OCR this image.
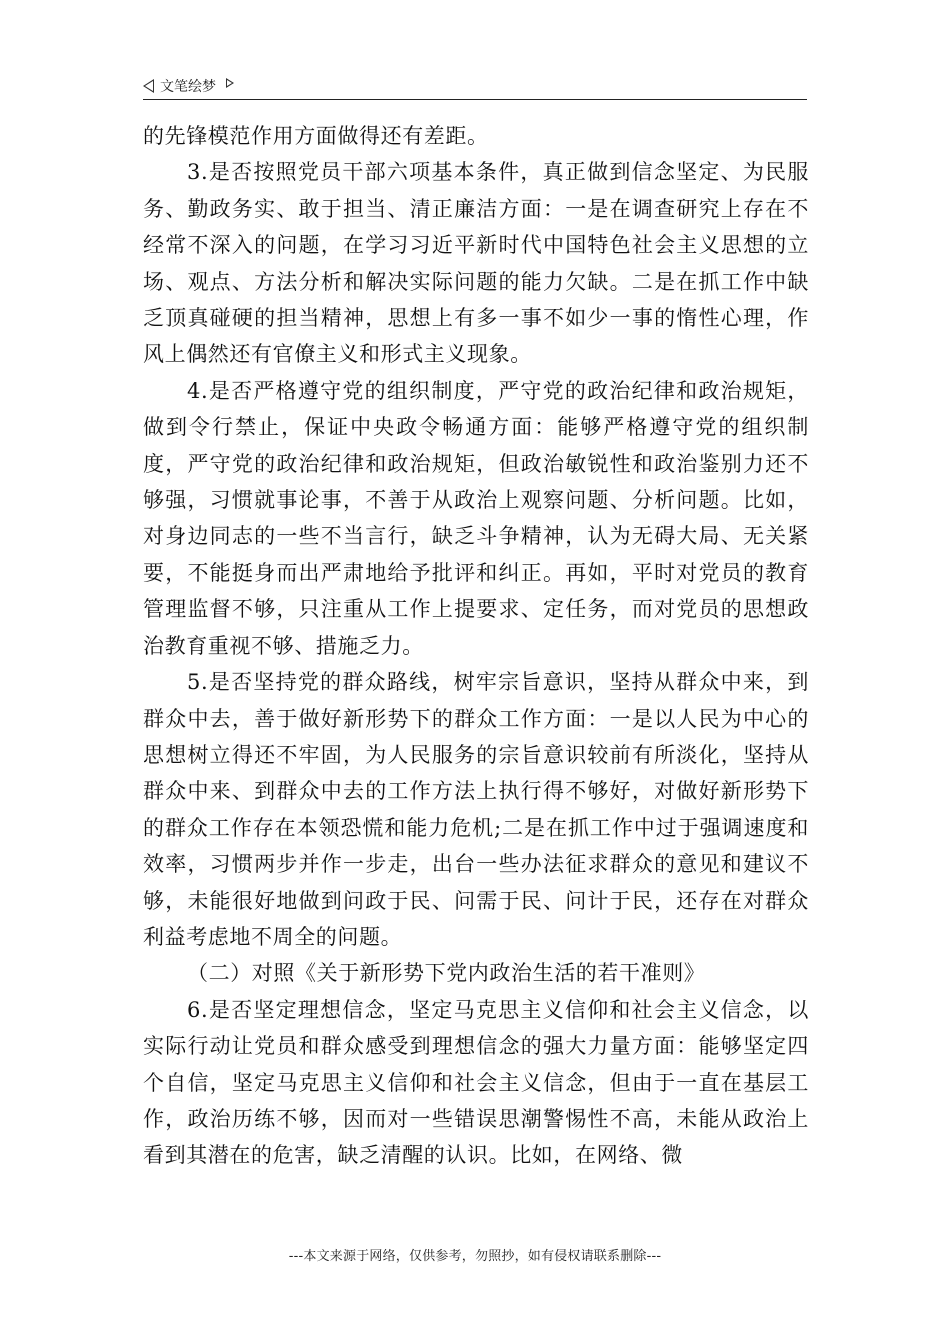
文笔绘梦

的先锋模范作用方面做得还有差距。

3.是否按照党员干部六项基本条件，真正做到信念坚定、为民服务、勤政务实、敢于担当、清正廉洁方面：一是在调查研究上存在不经常不深入的问题，在学习习近平新时代中国特色社会主义思想的立场、观点、方法分析和解决实际问题的能力欠缺。二是在抓工作中缺乏顶真碰硬的担当精神，思想上有多一事不如少一事的惰性心理，作风上偶然还有官僚主义和形式主义现象。

4.是否严格遵守党的组织制度，严守党的政治纪律和政治规矩，做到令行禁止，保证中央政令畅通方面：能够严格遵守党的组织制度，严守党的政治纪律和政治规矩，但政治敏锐性和政治鉴别力还不够强，习惯就事论事，不善于从政治上观察问题、分析问题。比如，对身边同志的一些不当言行，缺乏斗争精神，认为无碍大局、无关紧要，不能挺身而出严肃地给予批评和纠正。再如，平时对党员的教育管理监督不够，只注重从工作上提要求、定任务，而对党员的思想政治教育重视不够、措施乏力。

5.是否坚持党的群众路线，树牢宗旨意识，坚持从群众中来，到群众中去，善于做好新形势下的群众工作方面：一是以人民为中心的思想树立得还不牢固，为人民服务的宗旨意识较前有所淡化，坚持从群众中来、到群众中去的工作方法上执行得不够好，对做好新形势下的群众工作存在本领恐慌和能力危机;二是在抓工作中过于强调速度和效率，习惯两步并作一步走，出台一些办法征求群众的意见和建议不够，未能很好地做到问政于民、问需于民、问计于民，还存在对群众利益考虑地不周全的问题。

（二）对照《关于新形势下党内政治生活的若干准则》

6.是否坚定理想信念，坚定马克思主义信仰和社会主义信念，以实际行动让党员和群众感受到理想信念的强大力量方面：能够坚定四个自信，坚定马克思主义信仰和社会主义信念，但由于一直在基层工作，政治历练不够，因而对一些错误思潮警惕性不高，未能从政治上看到其潜在的危害，缺乏清醒的认识。比如，在网络、微

---本文来源于网络，仅供参考，勿照抄，如有侵权请联系删除---
